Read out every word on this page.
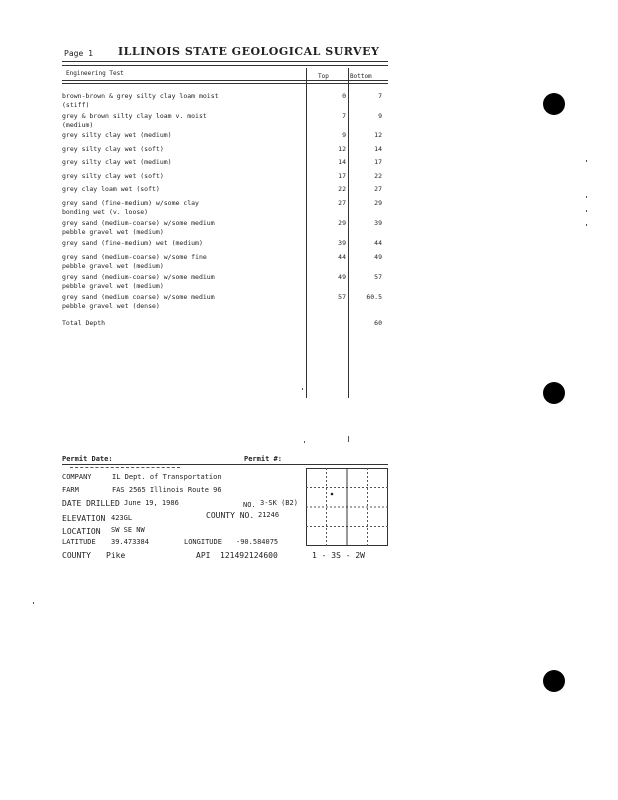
Page 1 ILLINOIS STATE GEOLOGICAL SURVEY
Engineering Test	Top	Bottom
brown-brown & grey silty clay loam moist
(stiff)
0	7
grey & brown silty clay loam v. moist
(medium)
7	9
grey silty clay wet (medium)	9	12
grey silty clay wet (soft)	12	14
grey silty clay wet (medium)	14	17
grey silty clay wet (soft)	17	22
grey clay loam wet (soft)	22	27
grey sand (fine-medium) w/some clay
bonding wet (v. loose)
27	29
grey sand (medium-coarse) w/some medium
pebble gravel wet (medium)
29	39
grey sand (fine-medium) wet (medium)	39	44
grey sand (medium-coarse) w/some fine
pebble gravel wet (medium)
44	49
grey sand (medium-coarse) w/some medium
pebble gravel wet (medium)
49	57
grey sand (medium coarse) w/some medium
pebble gravel wet (dense)
57	60.5
Total Depth	60
Permit Date:	Permit #:
COMPANY	IL Dept. of Transportation
FARM	FAS 2565 Illinois Route 96
DATE DRILLED June 19, 1986	NO. 3-SK (B2)
ELEVATION 423GL	COUNTY NO. 21246
LOCATION SW SE NW
LATITUDE 39.473384	LONGITUDE -90.584075
COUNTY Pike	API 121492124600	1 - 3S - 2W
